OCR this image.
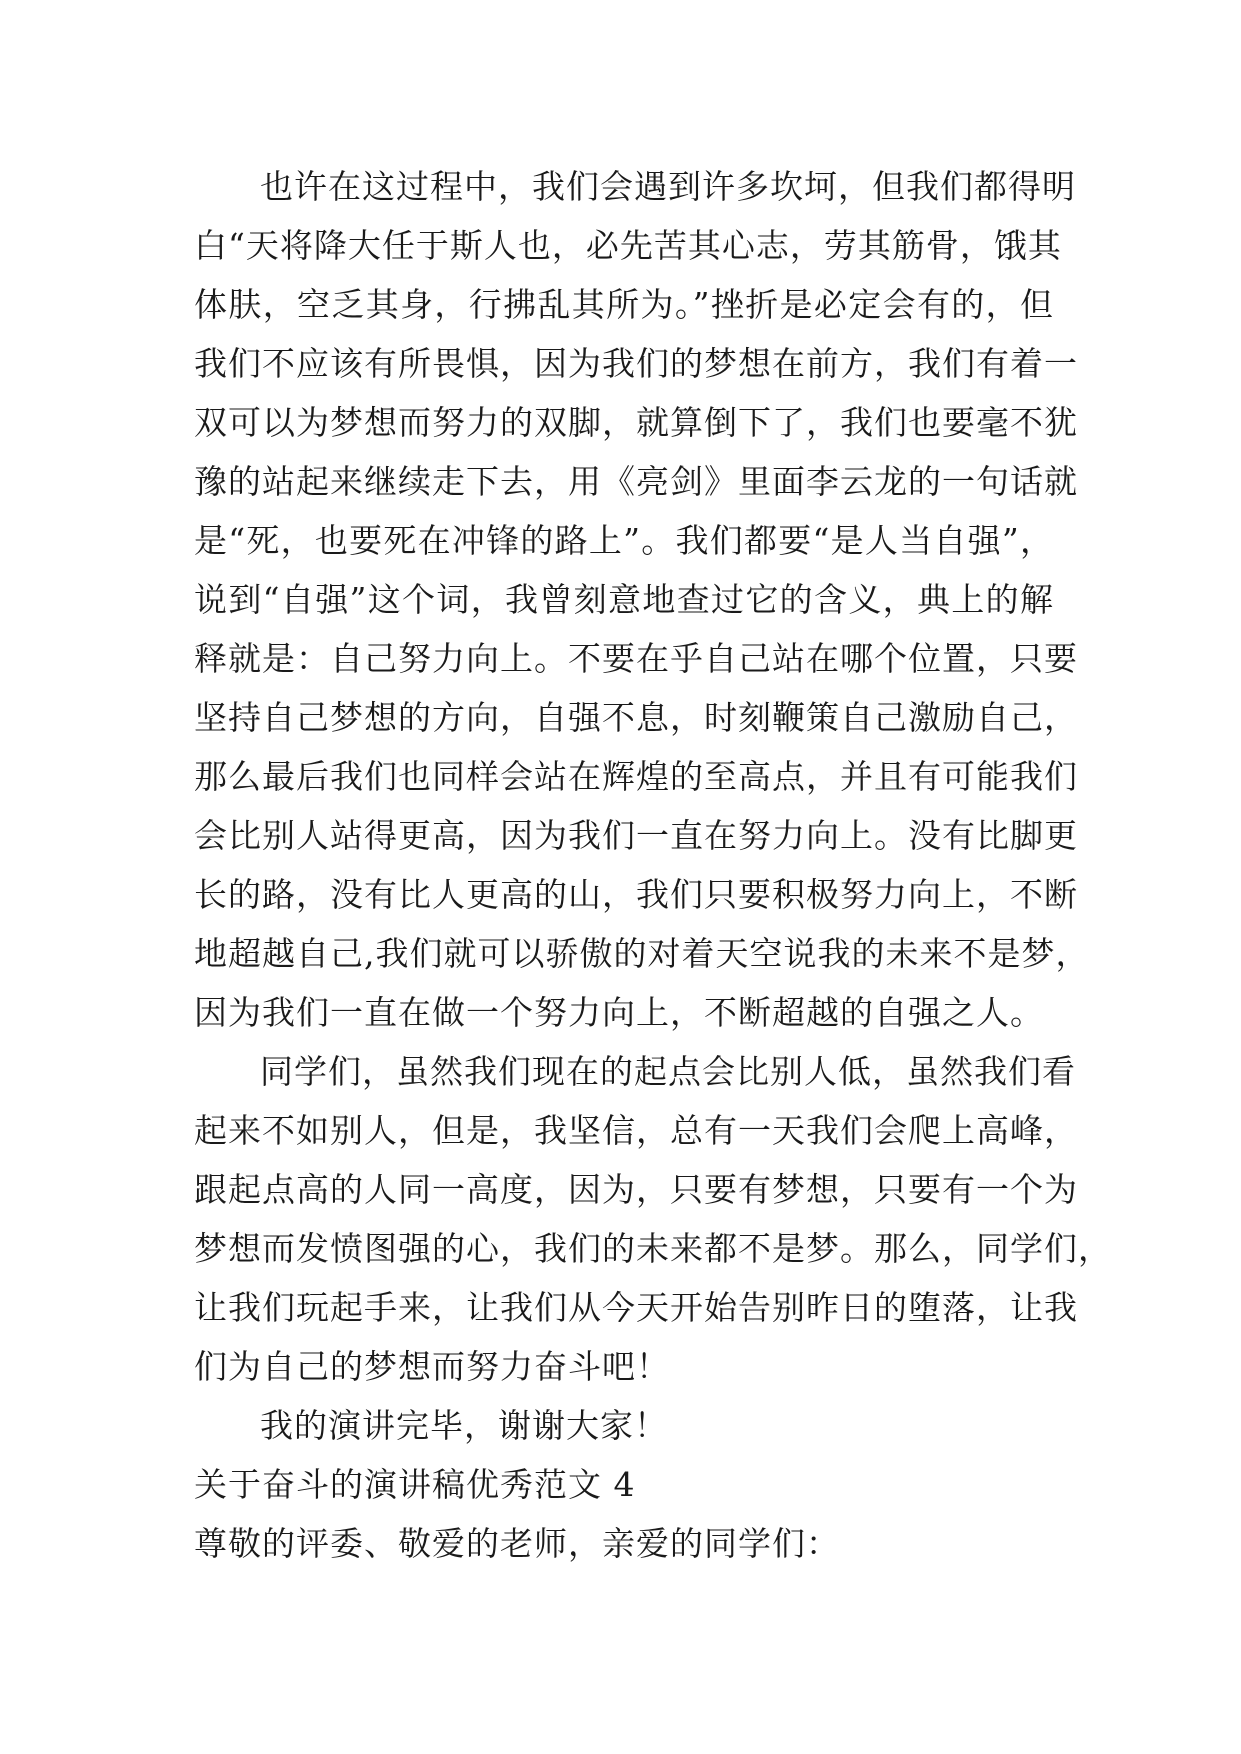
也许在这过程中，我们会遇到许多坎坷，但我们都得明
白“天将降大任于斯人也，必先苦其心志，劳其筋骨，饿其
体肤，空乏其身，行拂乱其所为。”挫折是必定会有的，但
我们不应该有所畏惧，因为我们的梦想在前方，我们有着一
双可以为梦想而努力的双脚，就算倒下了，我们也要毫不犹
豫的站起来继续走下去，用《亮剑》里面李云龙的一句话就
是“死，也要死在冲锋的路上”。我们都要“是人当自强”，
说到“自强”这个词，我曾刻意地查过它的含义，典上的解
释就是：自己努力向上。不要在乎自己站在哪个位置，只要
坚持自己梦想的方向，自强不息，时刻鞭策自己激励自己，
那么最后我们也同样会站在辉煌的至高点，并且有可能我们
会比别人站得更高，因为我们一直在努力向上。没有比脚更
长的路，没有比人更高的山，我们只要积极努力向上，不断
地超越自己,我们就可以骄傲的对着天空说我的未来不是梦，
因为我们一直在做一个努力向上，不断超越的自强之人。
同学们，虽然我们现在的起点会比别人低，虽然我们看
起来不如别人，但是，我坚信，总有一天我们会爬上高峰，
跟起点高的人同一高度，因为，只要有梦想，只要有一个为
梦想而发愤图强的心，我们的未来都不是梦。那么，同学们，
让我们玩起手来，让我们从今天开始告别昨日的堕落，让我
们为自己的梦想而努力奋斗吧！
我的演讲完毕，谢谢大家！
关于奋斗的演讲稿优秀范文 4
尊敬的评委、敬爱的老师，亲爱的同学们：
